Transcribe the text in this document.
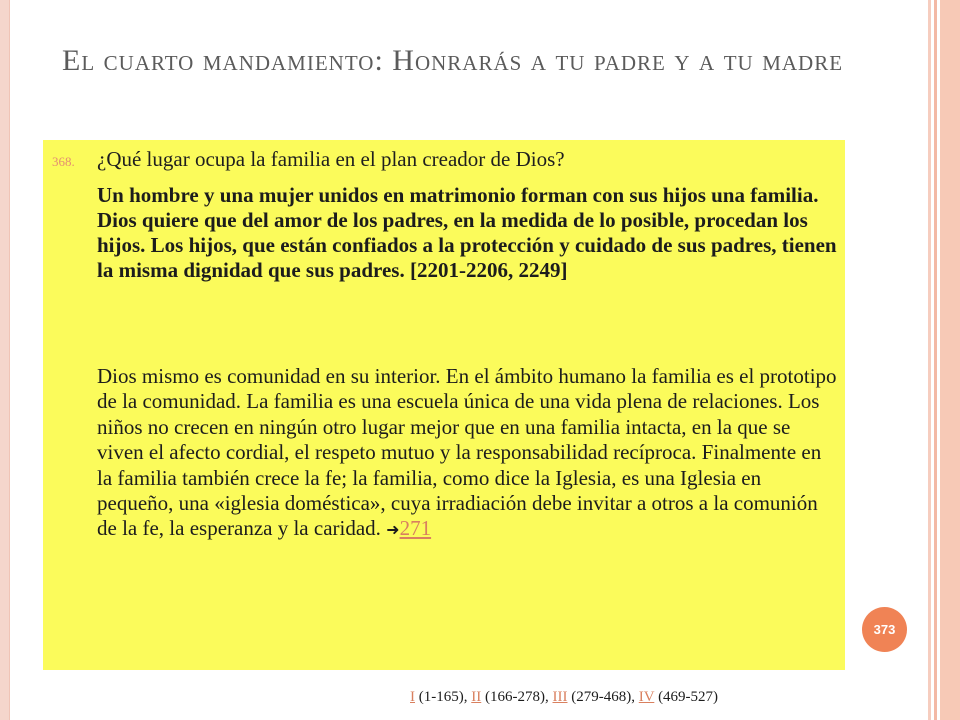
El cuarto mandamiento: Honrarás a tu padre y a tu madre
368. ¿Qué lugar ocupa la familia en el plan creador de Dios?
Un hombre y una mujer unidos en matrimonio forman con sus hijos una familia. Dios quiere que del amor de los padres, en la medida de lo posible, procedan los hijos. Los hijos, que están confiados a la protección y cuidado de sus padres, tienen la misma dignidad que sus padres. [2201-2206, 2249]
Dios mismo es comunidad en su interior. En el ámbito humano la familia es el prototipo de la comunidad. La familia es una escuela única de una vida plena de relaciones. Los niños no crecen en ningún otro lugar mejor que en una familia intacta, en la que se viven el afecto cordial, el respeto mutuo y la responsabilidad recíproca. Finalmente en la familia también crece la fe; la familia, como dice la Iglesia, es una Iglesia en pequeño, una «iglesia doméstica», cuya irradiación debe invitar a otros a la comunión de la fe, la esperanza y la caridad. ➜271
373
I (1-165), II (166-278), III (279-468), IV (469-527)
